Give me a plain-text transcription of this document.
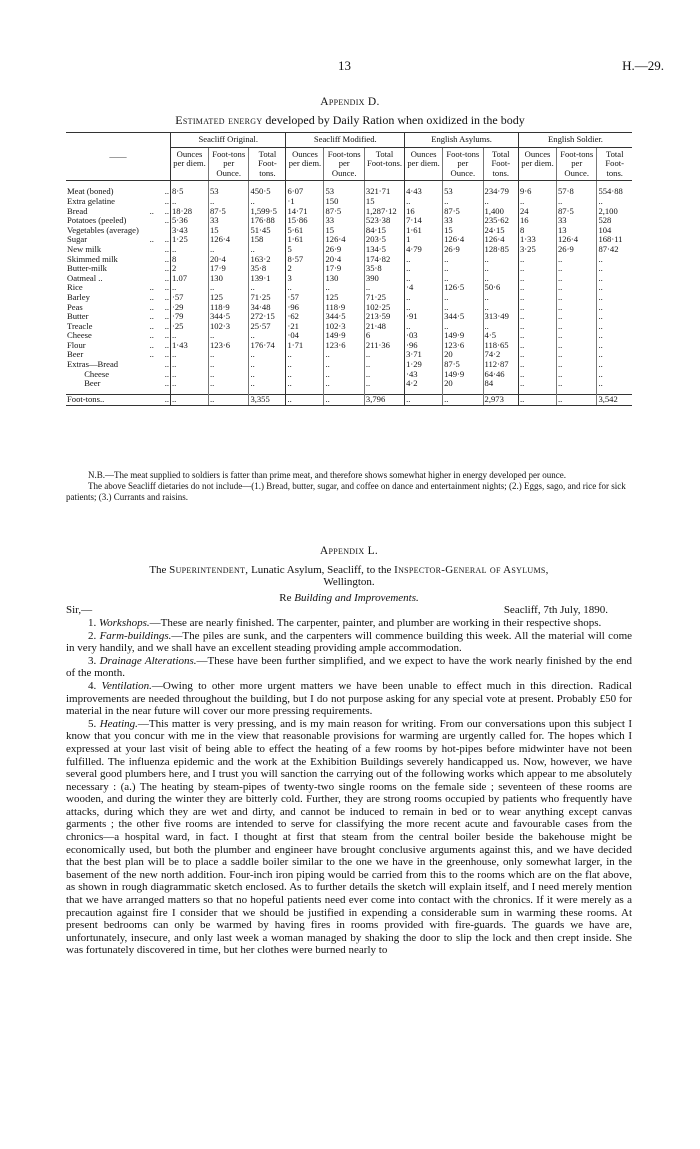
13	H.—29.
Appendix D.
Estimated energy developed by Daily Ration when oxidized in the body
——	Seacliff Original.			Seacliff Modified.			English Asylums.			English Soldier.		
	Ounces per diem.	Foot-tons per Ounce.	Total Foot-tons.	Ounces per diem.	Foot-tons per Ounce.	Total Foot-tons.	Ounces per diem.	Foot-tons per Ounce.	Total Foot-tons.	Ounces per diem.	Foot-tons per Ounce.	Total Foot-tons.
Meat (boned) ..	8·5	53	450·5	6·07	53	321·71	4·43	53	234·79	9·6	57·8	554·88
Extra gelatine ..	..	..	..	·1	150	15	..	..	..	..	..	..
Bread ..     ..	18·28	87·5	1,599·5	14·71	87·5	1,287·12	16	87·5	1,400	24	87·5	2,100
Potatoes (peeled) ..	5·36	33	176·88	15·86	33	523·38	7·14	33	235·62	16	33	528
Vegetables (average)	3·43	15	51·45	5·61	15	84·15	1·61	15	24·15	8	13	104
Sugar ..     ..	1·25	126·4	158	1·61	126·4	203·5	1	126·4	126·4	1·33	126·4	168·11
New milk ..	..	..	..	5	26·9	134·5	4·79	26·9	128·85	3·25	26·9	87·42
Skimmed milk ..	8	20·4	163·2	8·57	20·4	174·82	..	..	..	..	..	..
Butter-milk ..	2	17·9	35·8	2	17·9	35·8	..	..	..	..	..	..
Oatmeal .. ..	1.07	130	139·1	3	130	390	..	..	..	..	..	..
Rice ..     ..	..	..	..	..	..	..	·4	126·5	50·6	..	..	..
Barley ..     ..	·57	125	71·25	·57	125	71·25	..	..	..	..	..	..
Peas ..     ..	·29	118·9	34·48	·96	118·9	102·25	..	..	..	..	..	..
Butter ..     ..	·79	344·5	272·15	·62	344·5	213·59	·91	344·5	313·49	..	..	..
Treacle ..     ..	·25	102·3	25·57	·21	102·3	21·48	..	..	..	..	..	..
Cheese ..     ..	..	..	..	·04	149·9	6	·03	149·9	4·5	..	..	..
Flour ..     ..	1·43	123·6	176·74	1·71	123·6	211·36	·96	123·6	118·65	..	..	..
Beer ..     ..	..	..	..	..	..	..	3·71	20	74·2	..	..	..
Extras—Bread ..	..	..	..	..	..	..	1·29	87·5	112·87	..	..	..
Cheese ..	..	..	..	..	..	..	·43	149·9	64·46	..	..	..
Beer ..	..	..	..	..	..	..	4·2	20	84	..	..	..

Foot-tons.. ..	..	..	3,355	..	..	3,796	..	..	2,973	..	..	3,542

N.B.—The meat supplied to soldiers is fatter than prime meat, and therefore shows somewhat higher in energy developed per ounce.

The above Seacliff dietaries do not include—(1.) Bread, butter, sugar, and coffee on dance and entertainment nights; (2.) Eggs, sago, and rice for sick patients; (3.) Currants and raisins.

Appendix L.
The Superintendent, Lunatic Asylum, Seacliff, to the Inspector-General of Asylums,
Wellington.
Re Building and Improvements.
Sir,—	Seacliff, 7th July, 1890.

1. Workshops.—These are nearly finished. The carpenter, painter, and plumber are working in their respective shops.

2. Farm-buildings.—The piles are sunk, and the carpenters will commence building this week. All the material will come in very handily, and we shall have an excellent steading providing ample accommodation.

3. Drainage Alterations.—These have been further simplified, and we expect to have the work nearly finished by the end of the month.

4. Ventilation.—Owing to other more urgent matters we have been unable to effect much in this direction. Radical improvements are needed throughout the building, but I do not purpose asking for any special vote at present. Probably £50 for material in the near future will cover our more pressing requirements.

5. Heating.—This matter is very pressing, and is my main reason for writing. From our conversations upon this subject I know that you concur with me in the view that reasonable provisions for warming are urgently called for. The hopes which I expressed at your last visit of being able to effect the heating of a few rooms by hot-pipes before midwinter have not been fulfilled. The influenza epidemic and the work at the Exhibition Buildings severely handicapped us. Now, however, we have several good plumbers here, and I trust you will sanction the carrying out of the following works which appear to me absolutely necessary : (a.) The heating by steam-pipes of twenty-two single rooms on the female side ; seventeen of these rooms are wooden, and during the winter they are bitterly cold. Further, they are strong rooms occupied by patients who frequently have attacks, during which they are wet and dirty, and cannot be induced to remain in bed or to wear anything except canvas garments ; the other five rooms are intended to serve for classifying the more recent acute and favourable cases from the chronics—a hospital ward, in fact. I thought at first that steam from the central boiler beside the bakehouse might be economically used, but both the plumber and engineer have brought conclusive arguments against this, and we have decided that the best plan will be to place a saddle boiler similar to the one we have in the greenhouse, only somewhat larger, in the basement of the new north addition. Four-inch iron piping would be carried from this to the rooms which are on the flat above, as shown in rough diagrammatic sketch enclosed. As to further details the sketch will explain itself, and I need merely mention that we have arranged matters so that no hopeful patients need ever come into contact with the chronics. If it were merely as a precaution against fire I consider that we should be justified in expending a considerable sum in warming these rooms. At present bedrooms can only be warmed by having fires in rooms provided with fire-guards. The guards we have are, unfortunately, insecure, and only last week a woman managed by shaking the door to slip the lock and then crept inside. She was fortunately discovered in time, but her clothes were burned nearly to
